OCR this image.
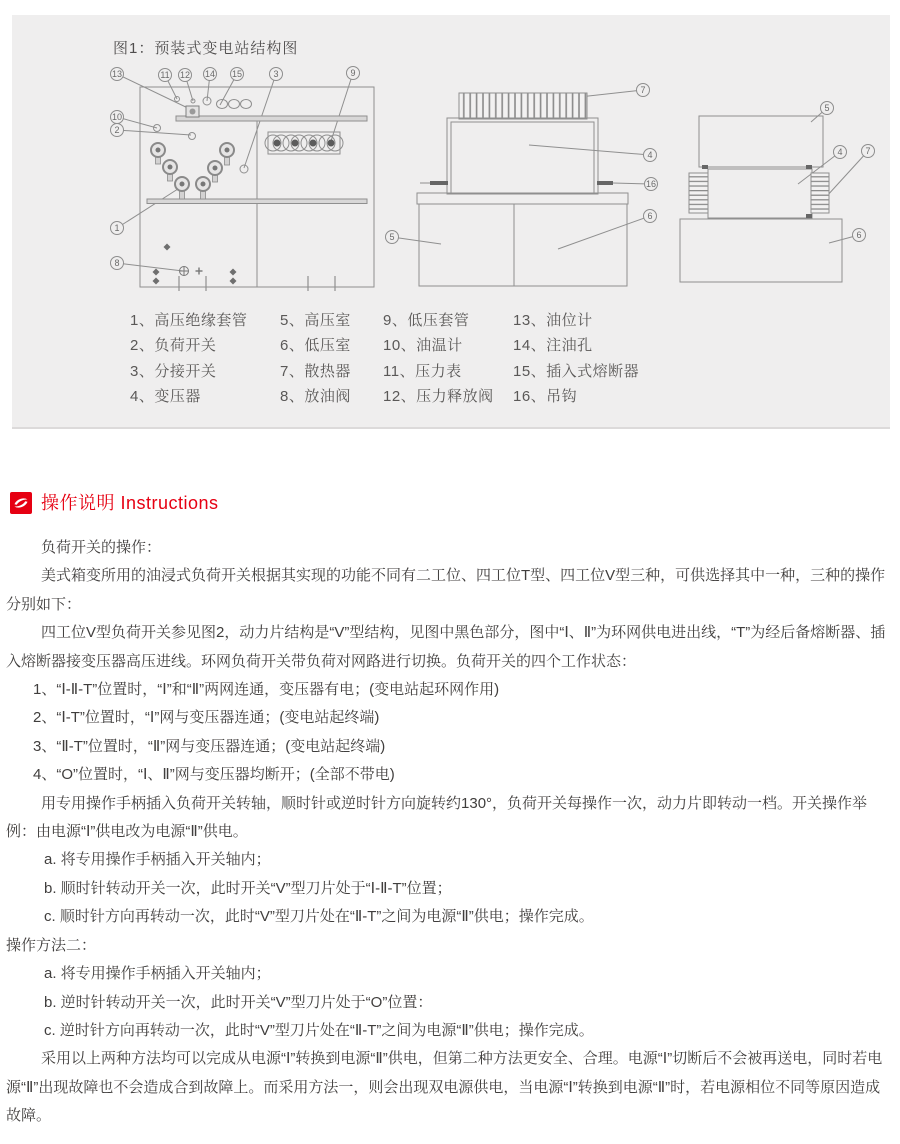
图1：预装式变电站结构图
13	11 12 14 15	3	9
10
2
1
8
7
4
16
5
6
5
4	7
6
1、高压绝缘套管
2、负荷开关
3、分接开关
4、变压器
5、高压室
6、低压室
7、散热器
8、放油阀
9、低压套管
10、油温计
11、压力表
12、压力释放阀
13、油位计
14、注油孔
15、插入式熔断器
16、吊钩
操作说明 Instructions

负荷开关的操作：

美式箱变所用的油浸式负荷开关根据其实现的功能不同有二工位、四工位T型、四工位V型三种，可供选择其中一种，三种的操作分别如下：

四工位V型负荷开关参见图2，动力片结构是“V”型结构，见图中黑色部分，图中“Ⅰ、Ⅱ”为环网供电进出线，“T”为经后备熔断器、插入熔断器接变压器高压进线。环网负荷开关带负荷对网路进行切换。负荷开关的四个工作状态：

1、“Ⅰ-Ⅱ-T”位置时，“Ⅰ”和“Ⅱ”两网连通，变压器有电；(变电站起环网作用)

2、“Ⅰ-T”位置时，“Ⅰ”网与变压器连通；(变电站起终端)

3、“Ⅱ-T”位置时，“Ⅱ”网与变压器连通；(变电站起终端)

4、“O”位置时，“Ⅰ、Ⅱ”网与变压器均断开；(全部不带电)

用专用操作手柄插入负荷开关转轴，顺时针或逆时针方向旋转约130°，负荷开关每操作一次，动力片即转动一档。开关操作举例：由电源“Ⅰ”供电改为电源“Ⅱ”供电。

a. 将专用操作手柄插入开关轴内；

b. 顺时针转动开关一次，此时开关“V”型刀片处于“Ⅰ-Ⅱ-T”位置；

c. 顺时针方向再转动一次，此时“V”型刀片处在“Ⅱ-T”之间为电源“Ⅱ”供电；操作完成。

操作方法二：

a. 将专用操作手柄插入开关轴内；

b. 逆时针转动开关一次，此时开关“V”型刀片处于“O”位置：

c. 逆时针方向再转动一次，此时“V”型刀片处在“Ⅱ-T”之间为电源“Ⅱ”供电；操作完成。

采用以上两种方法均可以完成从电源“Ⅰ”转换到电源“Ⅱ”供电，但第二种方法更安全、合理。电源“Ⅰ”切断后不会被再送电，同时若电源“Ⅱ”出现故障也不会造成合到故障上。而采用方法一，则会出现双电源供电，当电源“Ⅰ”转换到电源“Ⅱ”时，若电源相位不同等原因造成故障。
